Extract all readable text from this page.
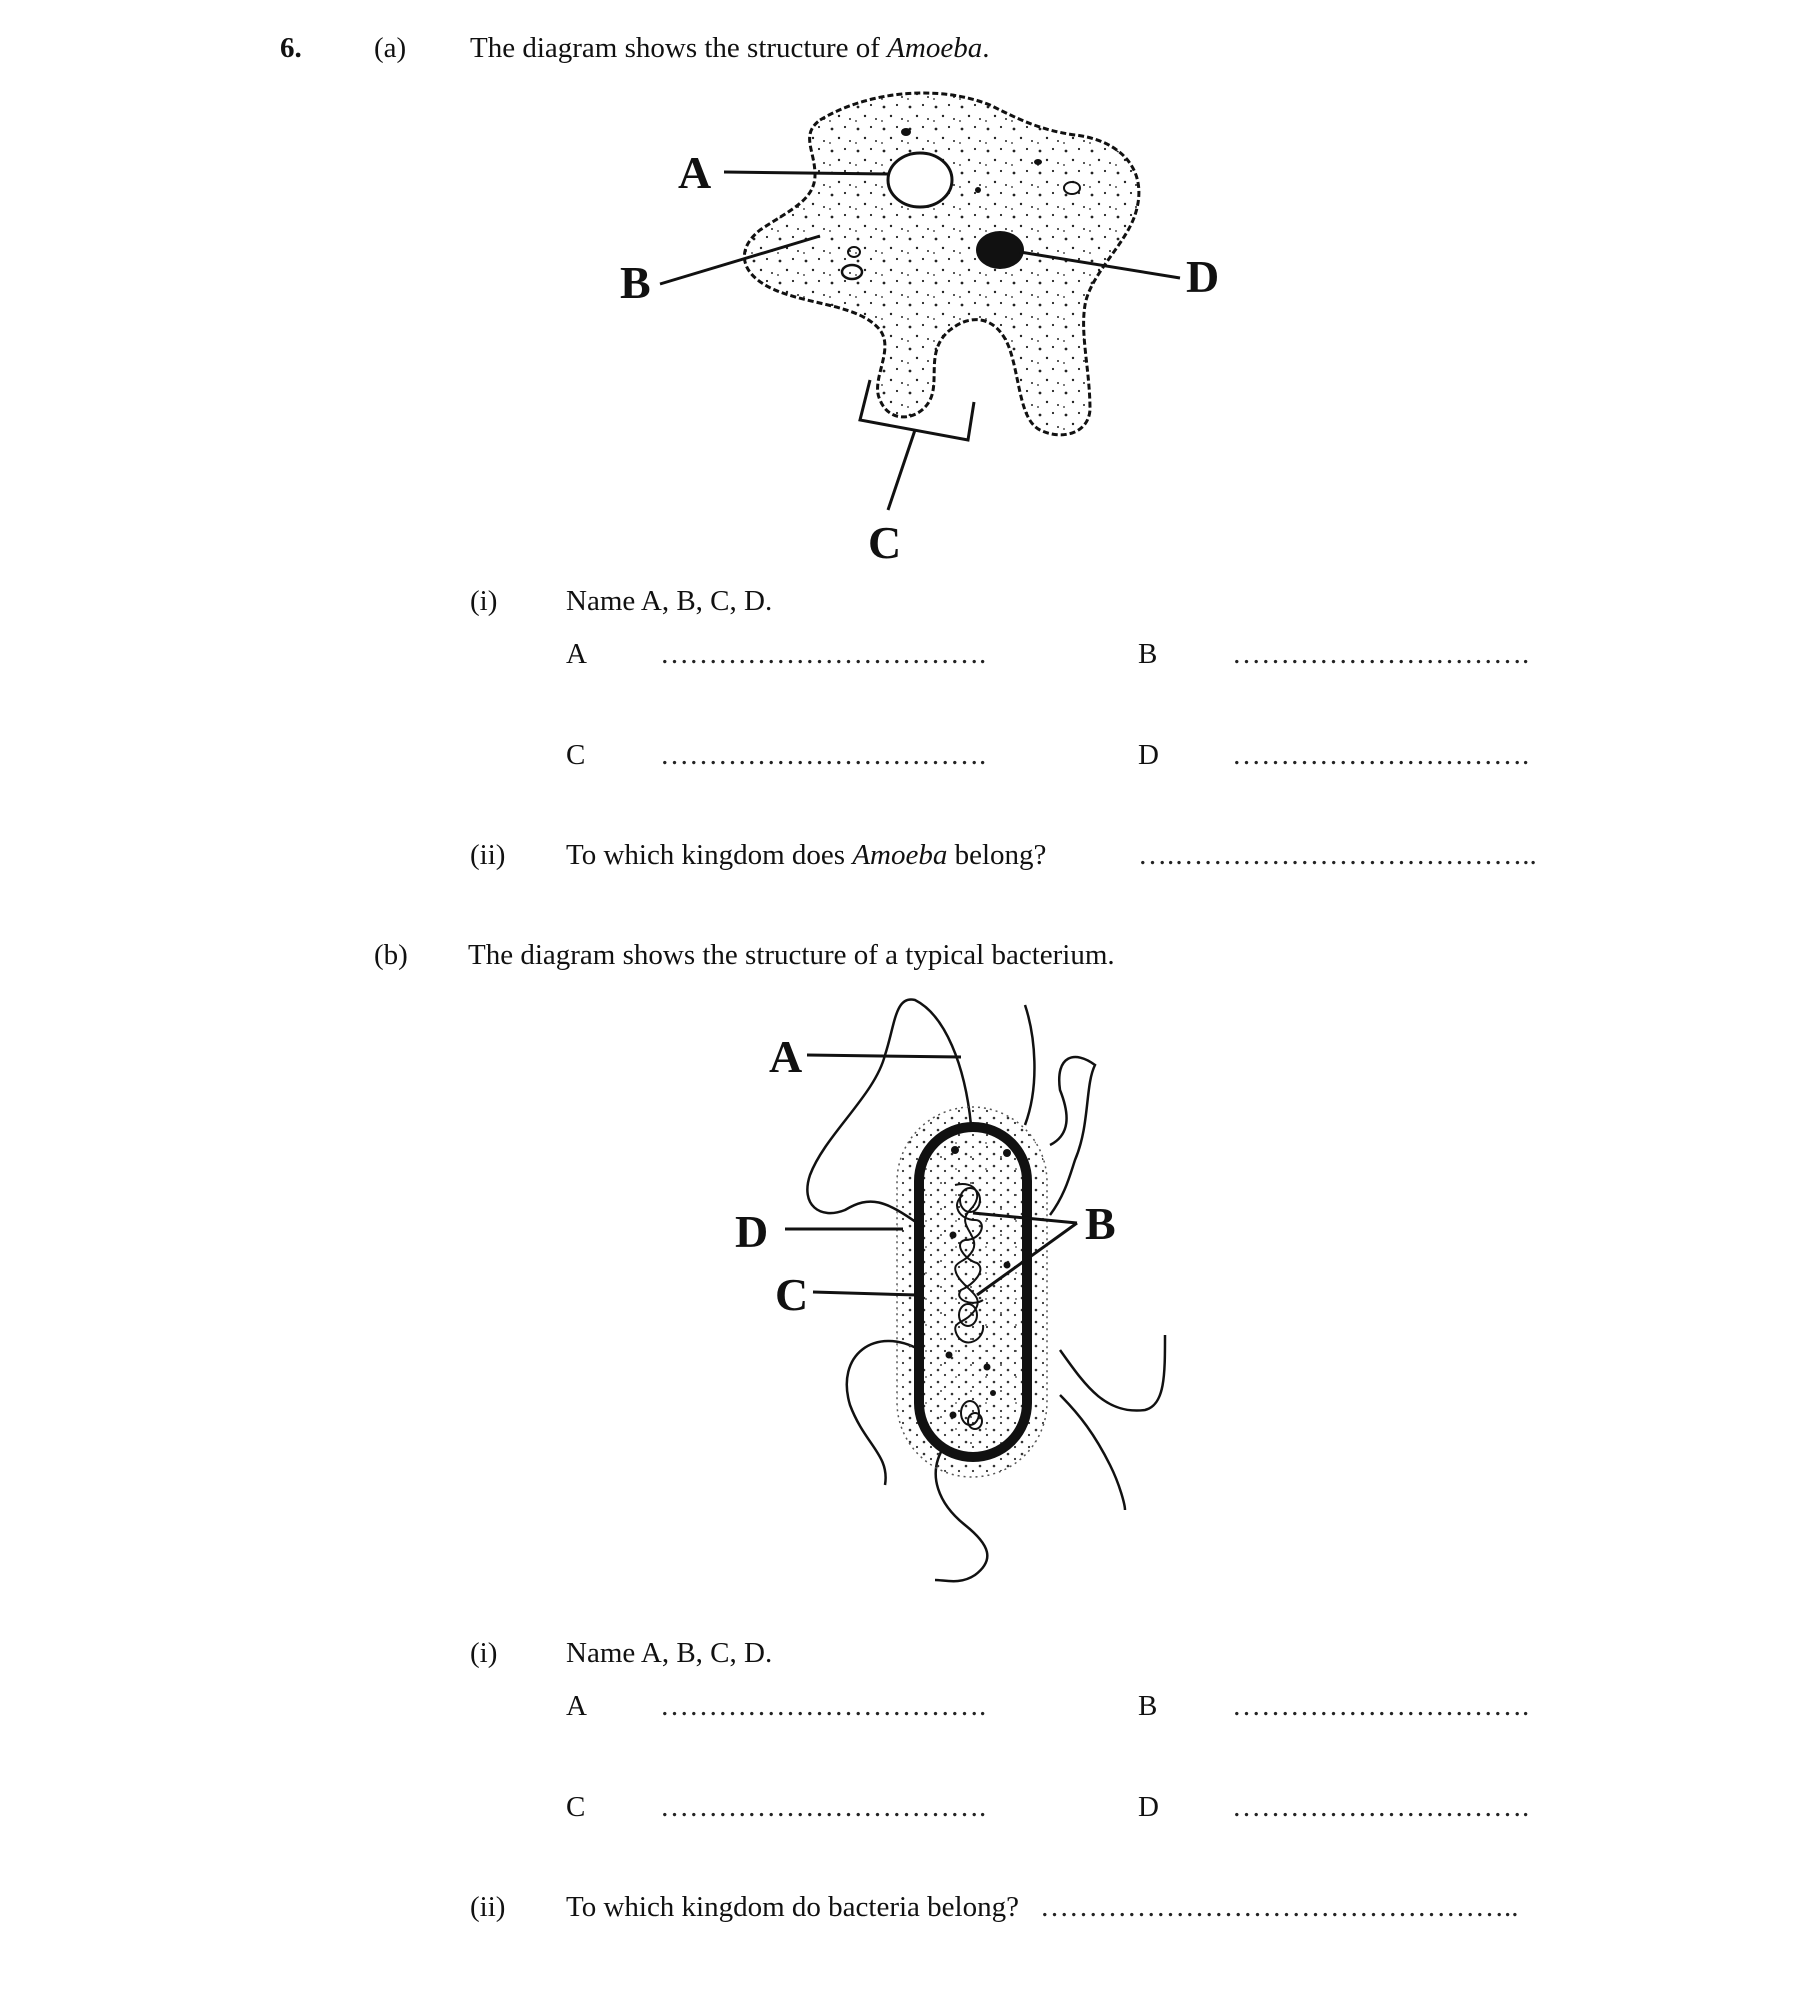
6. (a) The diagram shows the structure of Amoeba.
A
B
C
D
(i) Name A, B, C, D.
A	…………………………….	B	………………………….
C	…………………………….	D	………………………….
(ii) To which kingdom does Amoeba belong?	….………………………………..
(b) The diagram shows the structure of a typical bacterium.
A
B
C
D
(i) Name A, B, C, D.
A	…………………………….	B	………………………….
C	…………………………….	D	………………………….
(ii) To which kingdom do bacteria belong? …………………………………………..
